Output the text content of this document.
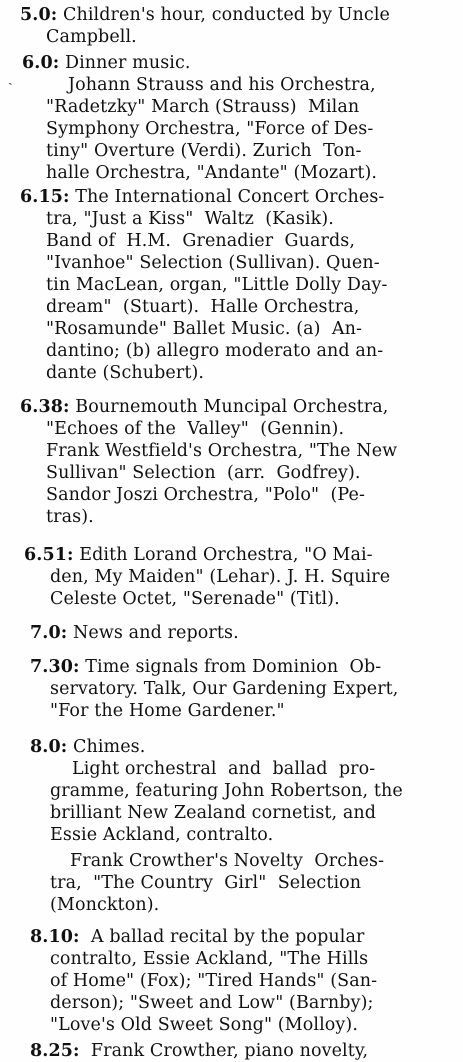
ˏ
5.0: Children's hour, conducted by Uncle
Campbell.
6.0: Dinner music.
Johann Strauss and his Orchestra,
"Radetzky" March (Strauss)  Milan
Symphony Orchestra, "Force of Des-
tiny" Overture (Verdi). Zurich  Ton-
halle Orchestra, "Andante" (Mozart).
6.15: The International Concert Orches-
tra, "Just a Kiss"  Waltz  (Kasik).
Band of  H.M.  Grenadier  Guards,
"Ivanhoe" Selection (Sullivan). Quen-
tin MacLean, organ, "Little Dolly Day-
dream"  (Stuart).  Halle Orchestra,
"Rosamunde" Ballet Music. (a)  An-
dantino; (b) allegro moderato and an-
dante (Schubert).
6.38: Bournemouth Muncipal Orchestra,
"Echoes of the  Valley"  (Gennin).
Frank Westfield's Orchestra, "The New
Sullivan" Selection  (arr.  Godfrey).
Sandor Joszi Orchestra, "Polo"  (Pe-
tras).
6.51: Edith Lorand Orchestra, "O Mai-
den, My Maiden" (Lehar). J. H. Squire
Celeste Octet, "Serenade" (Titl).
7.0: News and reports.
7.30: Time signals from Dominion  Ob-
servatory. Talk, Our Gardening Expert,
"For the Home Gardener."
8.0: Chimes.
Light orchestral  and  ballad  pro-
gramme, featuring John Robertson, the
brilliant New Zealand cornetist, and
Essie Ackland, contralto.
Frank Crowther's Novelty  Orches-
tra,  "The Country  Girl"  Selection
(Monckton).
8.10:  A ballad recital by the popular
contralto, Essie Ackland, "The Hills
of Home" (Fox); "Tired Hands" (San-
derson); "Sweet and Low" (Barnby);
"Love's Old Sweet Song" (Molloy).
8.25:  Frank Crowther, piano novelty,
